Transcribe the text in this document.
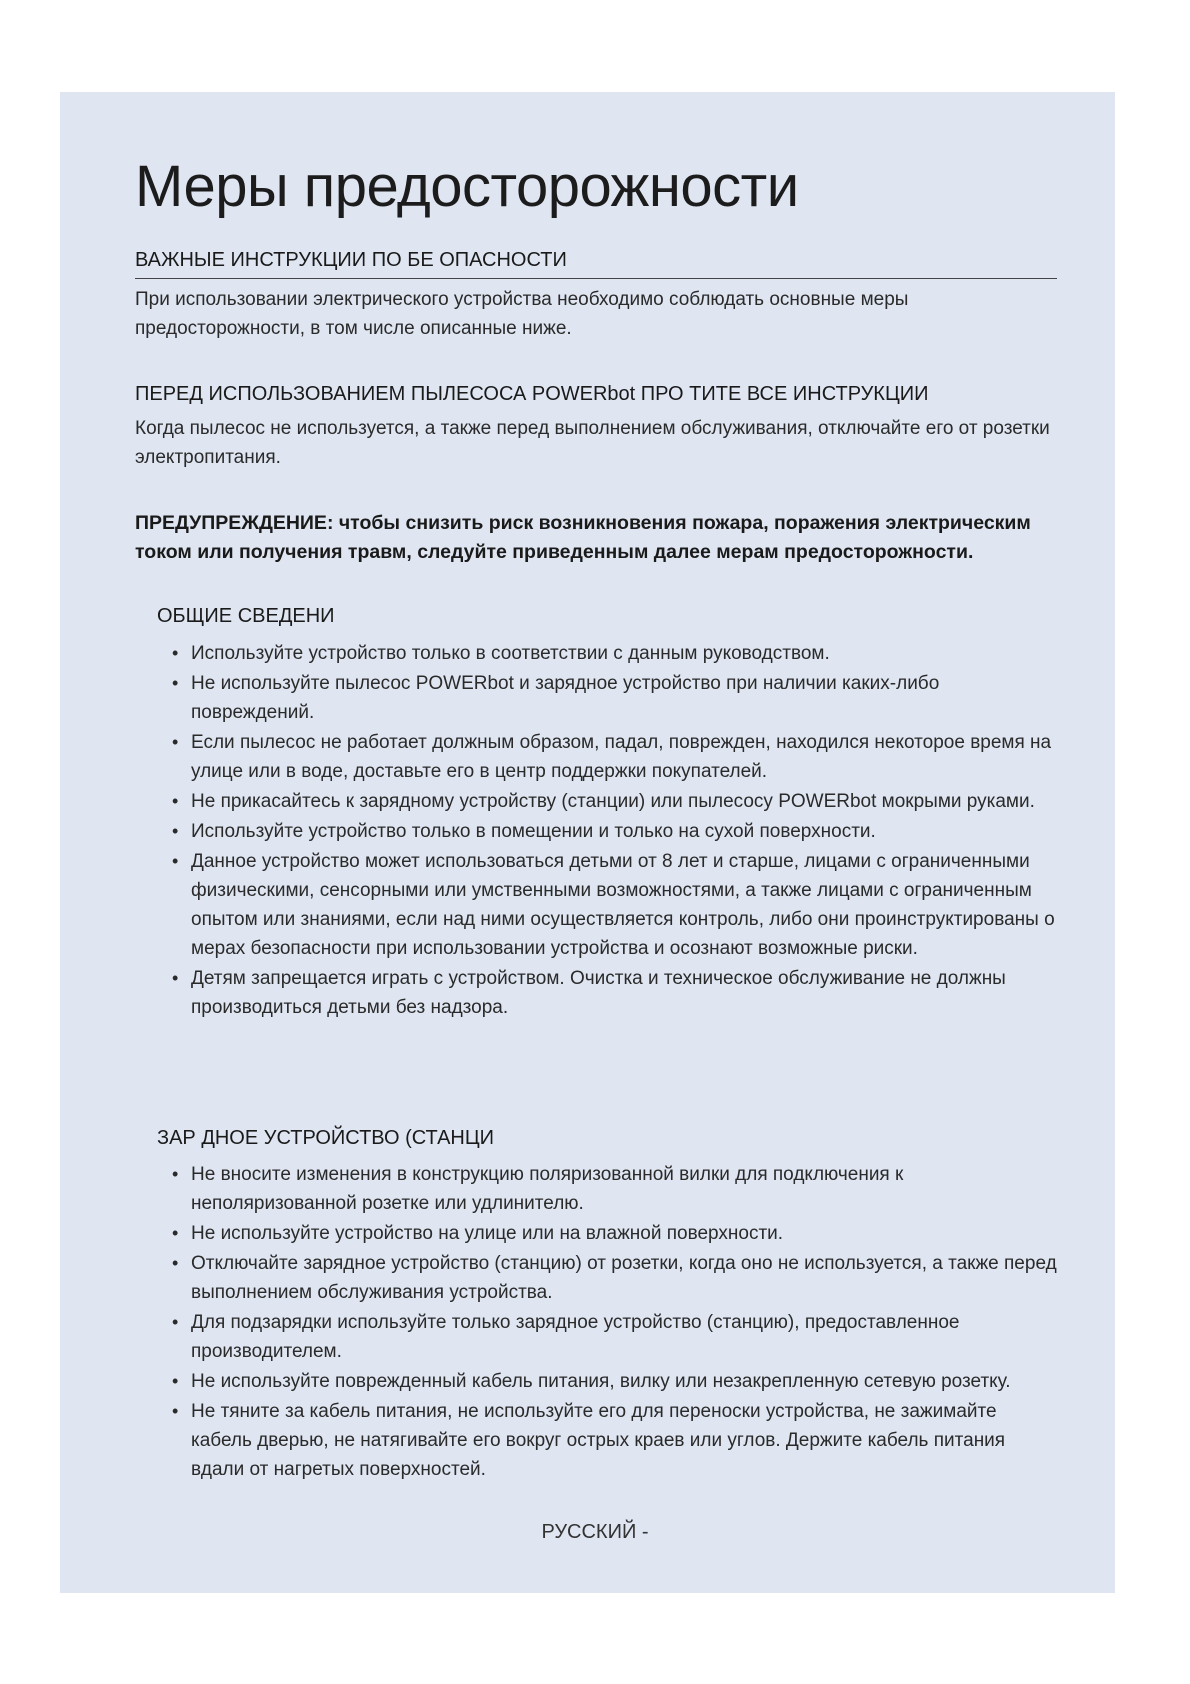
Меры предосторожности
ВАЖНЫЕ ИНСТРУКЦИИ ПО БЕ ОПАСНОСТИ

При использовании электрического устройства необходимо соблюдать основные меры предосторожности, в том числе описанные ниже.

ПЕРЕД ИСПОЛЬЗОВАНИЕМ ПЫЛЕСОСА POWERbot ПРО ТИТЕ ВСЕ ИНСТРУКЦИИ

Когда пылесос не используется, а также перед выполнением обслуживания, отключайте его от розетки электропитания.

ПРЕДУПРЕЖДЕНИЕ: чтобы снизить риск возникновения пожара, поражения электрическим током или получения травм, следуйте приведенным далее мерам предосторожности.

ОБЩИЕ СВЕДЕНИ
• Используйте устройство только в соответствии с данным руководством.
• Не используйте пылесос POWERbot и зарядное устройство при наличии каких-либо повреждений.
• Если пылесос не работает должным образом, падал, поврежден, находился некоторое время на улице или в воде, доставьте его в центр поддержки покупателей.
• Не прикасайтесь к зарядному устройству (станции) или пылесосу POWERbot мокрыми руками.
• Используйте устройство только в помещении и только на сухой поверхности.
• Данное устройство может использоваться детьми от 8 лет и старше, лицами с ограниченными физическими, сенсорными или умственными возможностями, а также лицами с ограниченным опытом или знаниями, если над ними осуществляется контроль, либо они проинструктированы о мерах безопасности при использовании устройства и осознают возможные риски.
• Детям запрещается играть с устройством. Очистка и техническое обслуживание не должны производиться детьми без надзора.
ЗАР ДНОЕ УСТРОЙСТВО (СТАНЦИ
• Не вносите изменения в конструкцию поляризованной вилки для подключения к неполяризованной розетке или удлинителю.
• Не используйте устройство на улице или на влажной поверхности.
• Отключайте зарядное устройство (станцию) от розетки, когда оно не используется, а также перед выполнением обслуживания устройства.
• Для подзарядки используйте только зарядное устройство (станцию), предоставленное производителем.
• Не используйте поврежденный кабель питания, вилку или незакрепленную сетевую розетку.
• Не тяните за кабель питания, не используйте его для переноски устройства, не зажимайте кабель дверью, не натягивайте его вокруг острых краев или углов. Держите кабель питания вдали от нагретых поверхностей.

РУССКИЙ -
